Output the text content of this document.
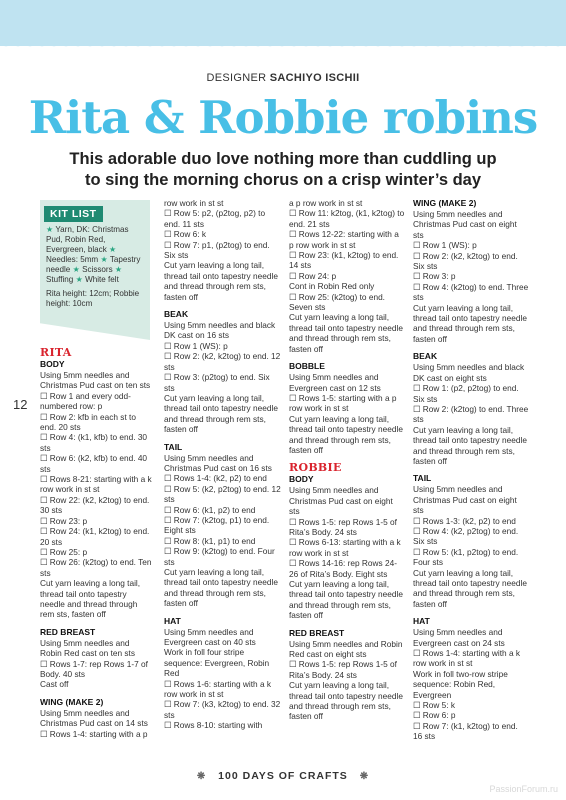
DESIGNER SACHIYO ISCHII
Rita & Robbie robins
This adorable duo love nothing more than cuddling up to sing the morning chorus on a crisp winter’s day
KIT LIST
★ Yarn, DK: Christmas Pud, Robin Red, Evergreen, black ★ Needles: 5mm ★ Tapestry needle ★ Scissors ★ Stuffing ★ White felt
Rita height: 12cm; Robbie height: 10cm
12
RITA
BODY

Using 5mm needles and Christmas Pud cast on ten sts

☐ Row 1 and every odd-numbered row: p

☐ Row 2: kfb in each st to end. 20 sts

☐ Row 4: (k1, kfb) to end. 30 sts

☐ Row 6: (k2, kfb) to end. 40 sts

☐ Rows 8-21: starting with a k row work in st st

☐ Row 22: (k2, k2tog) to end. 30 sts

☐ Row 23: p

☐ Row 24: (k1, k2tog) to end. 20 sts

☐ Row 25: p

☐ Row 26: (k2tog) to end. Ten sts

Cut yarn leaving a long tail, thread tail onto tapestry needle and thread through rem sts, fasten off

RED BREAST

Using 5mm needles and Robin Red cast on ten sts

☐ Rows 1-7: rep Rows 1-7 of Body. 40 sts

Cast off

WING (MAKE 2)

Using 5mm needles and Christmas Pud cast on 14 sts

☐ Rows 1-4: starting with a p

row work in st st

☐ Row 5: p2, (p2tog, p2) to end. 11 sts

☐ Row 6: k

☐ Row 7: p1, (p2tog) to end. Six sts

Cut yarn leaving a long tail, thread tail onto tapestry needle and thread through rem sts, fasten off

BEAK

Using 5mm needles and black DK cast on 16 sts

☐ Row 1 (WS): p

☐ Row 2: (k2, k2tog) to end. 12 sts

☐ Row 3: (p2tog) to end. Six sts

Cut yarn leaving a long tail, thread tail onto tapestry needle and thread through rem sts, fasten off

TAIL

Using 5mm needles and Christmas Pud cast on 16 sts

☐ Rows 1-4: (k2, p2) to end

☐ Row 5: (k2, p2tog) to end. 12 sts

☐ Row 6: (k1, p2) to end

☐ Row 7: (k2tog, p1) to end. Eight sts

☐ Row 8: (k1, p1) to end

☐ Row 9: (k2tog) to end. Four sts

Cut yarn leaving a long tail, thread tail onto tapestry needle and thread through rem sts, fasten off

HAT

Using 5mm needles and Evergreen cast on 40 sts

Work in foll four stripe sequence: Evergreen, Robin Red

☐ Rows 1-6: starting with a k row work in st st

☐ Row 7: (k3, k2tog) to end. 32 sts

☐ Rows 8-10: starting with

a p row work in st st

☐ Row 11: k2tog, (k1, k2tog) to end. 21 sts

☐ Rows 12-22: starting with a p row work in st st

☐ Row 23: (k1, k2tog) to end. 14 sts

☐ Row 24: p

Cont in Robin Red only

☐ Row 25: (k2tog) to end. Seven sts

Cut yarn leaving a long tail, thread tail onto tapestry needle and thread through rem sts, fasten off

BOBBLE

Using 5mm needles and Evergreen cast on 12 sts

☐ Rows 1-5: starting with a p row work in st st

Cut yarn leaving a long tail, thread tail onto tapestry needle and thread through rem sts, fasten off

ROBBIE
BODY

Using 5mm needles and Christmas Pud cast on eight sts

☐ Rows 1-5: rep Rows 1-5 of Rita’s Body. 24 sts

☐ Rows 6-13: starting with a k row work in st st

☐ Rows 14-16: rep Rows 24-26 of Rita’s Body. Eight sts

Cut yarn leaving a long tail, thread tail onto tapestry needle and thread through rem sts, fasten off

RED BREAST

Using 5mm needles and Robin Red cast on eight sts

☐ Rows 1-5: rep Rows 1-5 of Rita’s Body. 24 sts

Cut yarn leaving a long tail, thread tail onto tapestry needle and thread through rem sts, fasten off

WING (MAKE 2)

Using 5mm needles and Christmas Pud cast on eight sts

☐ Row 1 (WS): p

☐ Row 2: (k2, k2tog) to end. Six sts

☐ Row 3: p

☐ Row 4: (k2tog) to end. Three sts

Cut yarn leaving a long tail, thread tail onto tapestry needle and thread through rem sts, fasten off

BEAK

Using 5mm needles and black DK cast on eight sts

☐ Row 1: (p2, p2tog) to end. Six sts

☐ Row 2: (k2tog) to end. Three sts

Cut yarn leaving a long tail, thread tail onto tapestry needle and thread through rem sts, fasten off

TAIL

Using 5mm needles and Christmas Pud cast on eight sts

☐ Rows 1-3: (k2, p2) to end

☐ Row 4: (k2, p2tog) to end. Six sts

☐ Row 5: (k1, p2tog) to end. Four sts

Cut yarn leaving a long tail, thread tail onto tapestry needle and thread through rem sts, fasten off

HAT

Using 5mm needles and Evergreen cast on 24 sts

☐ Rows 1-4: starting with a k row work in st st

Work in foll two-row stripe sequence: Robin Red, Evergreen

☐ Row 5: k

☐ Row 6: p

☐ Row 7: (k1, k2tog) to end. 16 sts

❋ 100 DAYS OF CRAFTS ❋
PassionForum.ru
